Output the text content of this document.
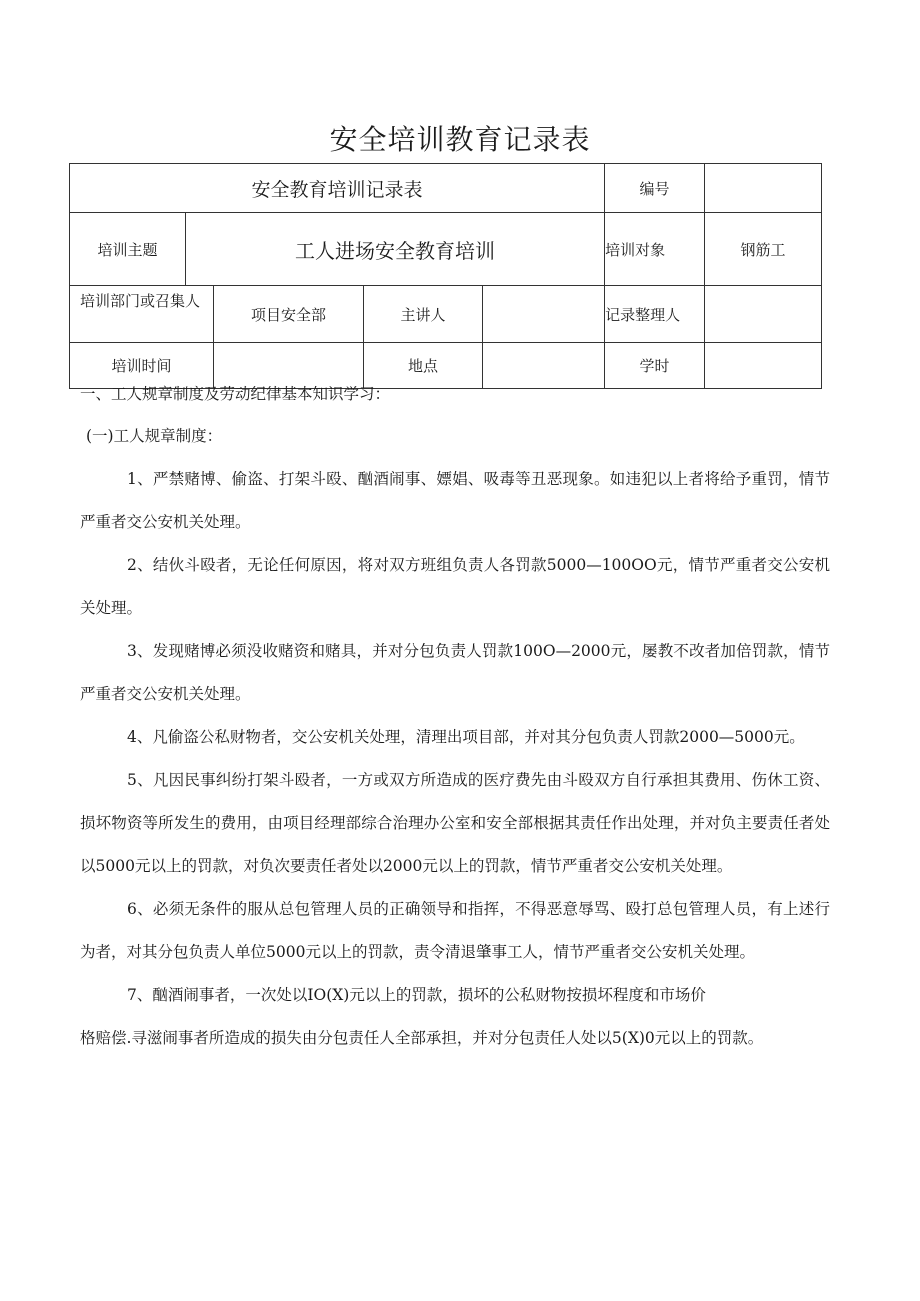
安全培训教育记录表
安全教育培训记录表					编号	
培训主题	工人进场安全教育培训				培训对象	钢筋工
培训部门或召集人		项目安全部	主讲人		记录整理人	
培训时间			地点		学时	

一、工人规章制度及劳动纪律基本知识学习：

(一)工人规章制度：

1、严禁赌博、偷盗、打架斗殴、酗酒闹事、嫖娼、吸毒等丑恶现象。如违犯以上者将给予重罚，情节严重者交公安机关处理。

2、结伙斗殴者，无论任何原因，将对双方班组负责人各罚款5000—100OO元，情节严重者交公安机关处理。

3、发现赌博必须没收赌资和赌具，并对分包负责人罚款100O—2000元，屡教不改者加倍罚款，情节严重者交公安机关处理。

4、凡偷盗公私财物者，交公安机关处理，清理出项目部，并对其分包负责人罚款2000—5000元。

5、凡因民事纠纷打架斗殴者，一方或双方所造成的医疗费先由斗殴双方自行承担其费用、伤休工资、损坏物资等所发生的费用，由项目经理部综合治理办公室和安全部根据其责任作出处理，并对负主要责任者处以5000元以上的罚款，对负次要责任者处以2000元以上的罚款，情节严重者交公安机关处理。

6、必须无条件的服从总包管理人员的正确领导和指挥，不得恶意辱骂、殴打总包管理人员，有上述行为者，对其分包负责人单位5000元以上的罚款，责令清退肇事工人，情节严重者交公安机关处理。

7、酗酒闹事者，一次处以IO(X)元以上的罚款，损坏的公私财物按损坏程度和市场价

格赔偿.寻滋闹事者所造成的损失由分包责任人全部承担，并对分包责任人处以5(X)0元以上的罚款。
